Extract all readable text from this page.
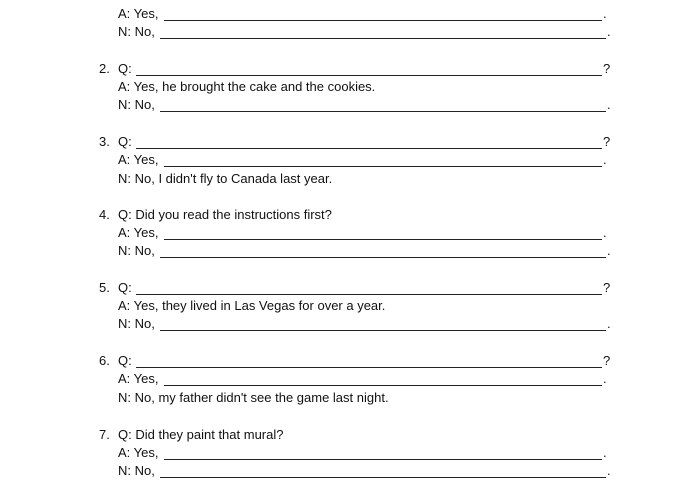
A: Yes,	.
N: No,	.
2. Q:	?
A: Yes, he brought the cake and the cookies.
N: No,	.
3. Q:	?
A: Yes,	.
N: No, I didn't fly to Canada last year.
4. Q: Did you read the instructions first?
A: Yes,	.
N: No,	.
5. Q:	?
A: Yes, they lived in Las Vegas for over a year.
N: No,	.
6. Q:	?
A: Yes,	.
N: No, my father didn't see the game last night.
7. Q: Did they paint that mural?
A: Yes,	.
N: No,	.
